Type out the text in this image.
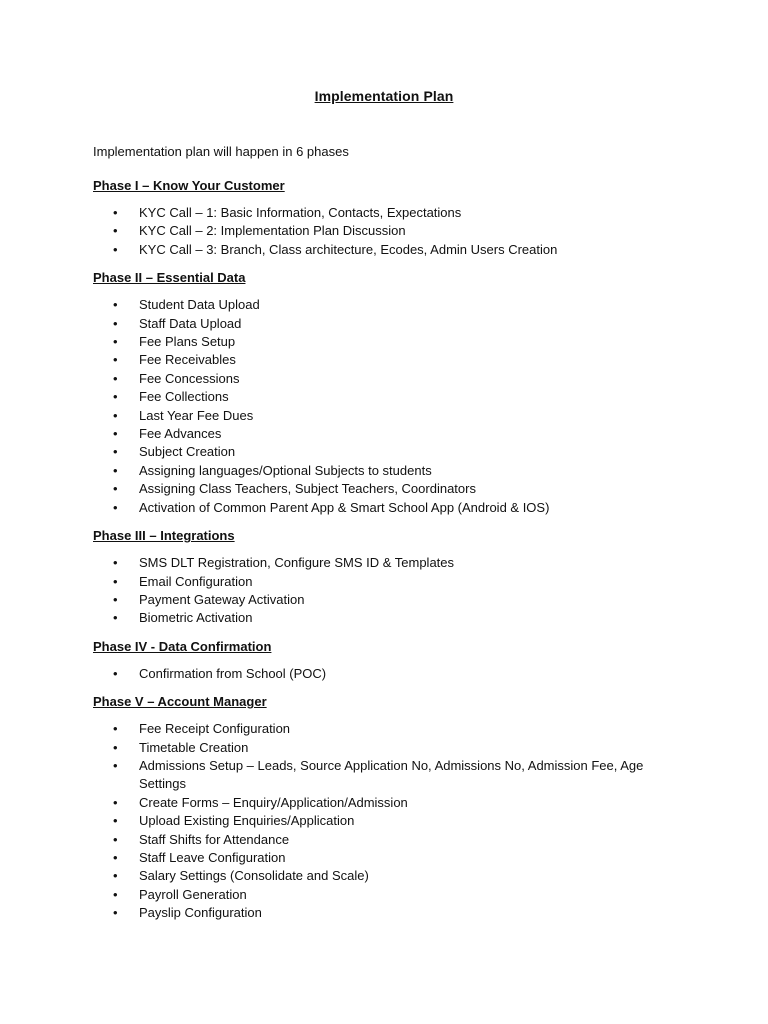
Implementation Plan

Implementation plan will happen in 6 phases

Phase I – Know Your Customer
• KYC Call – 1: Basic Information, Contacts, Expectations
• KYC Call – 2: Implementation Plan Discussion
• KYC Call – 3: Branch, Class architecture, Ecodes, Admin Users Creation
Phase II – Essential Data
• Student Data Upload
• Staff Data Upload
• Fee Plans Setup
• Fee Receivables
• Fee Concessions
• Fee Collections
• Last Year Fee Dues
• Fee Advances
• Subject Creation
• Assigning languages/Optional Subjects to students
• Assigning Class Teachers, Subject Teachers, Coordinators
• Activation of Common Parent App & Smart School App (Android & IOS)
Phase III – Integrations
• SMS DLT Registration, Configure SMS ID & Templates
• Email Configuration
• Payment Gateway Activation
• Biometric Activation
Phase IV - Data Confirmation
• Confirmation from School (POC)
Phase V – Account Manager
• Fee Receipt Configuration
• Timetable Creation
• Admissions Setup – Leads, Source Application No, Admissions No, Admission Fee, Age Settings
• Create Forms – Enquiry/Application/Admission
• Upload Existing Enquiries/Application
• Staff Shifts for Attendance
• Staff Leave Configuration
• Salary Settings (Consolidate and Scale)
• Payroll Generation
• Payslip Configuration
